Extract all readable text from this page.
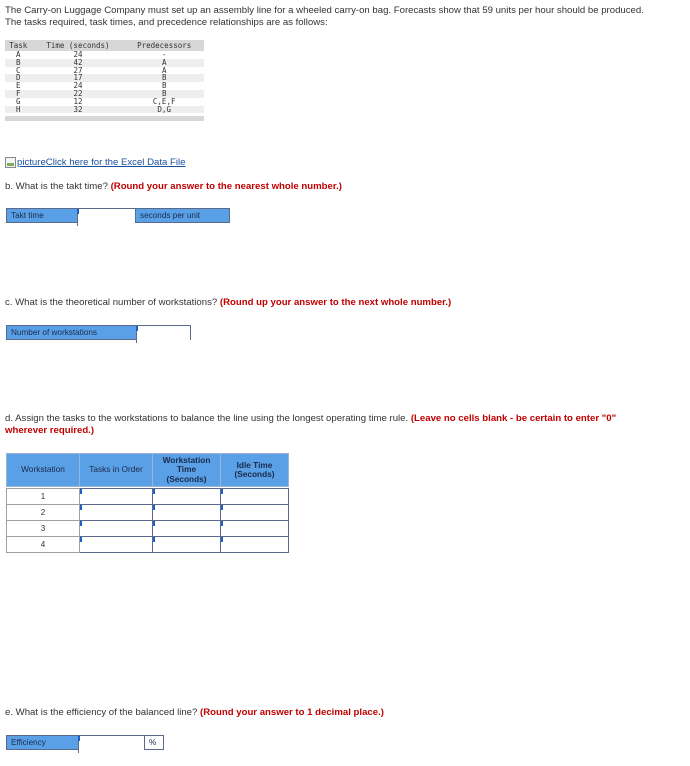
The Carry-on Luggage Company must set up an assembly line for a wheeled carry-on bag. Forecasts show that 59 units per hour should be produced. The tasks required, task times, and precedence relationships are as follows:
Task	Time (seconds)	Predecessors
A	24	-
B	42	A
C	27	A
D	17	B
E	24	B
F	22	B
G	12	C,E,F
H	32	D,G

picture Click here for the Excel Data File
b. What is the takt time? (Round your answer to the nearest whole number.)
Takt time	seconds per unit
c. What is the theoretical number of workstations? (Round up your answer to the next whole number.)
Number of workstations
d. Assign the tasks to the workstations to balance the line using the longest operating time rule. (Leave no cells blank - be certain to enter "0" wherever required.)
Workstation	Tasks in Order	Workstation Time (Seconds)	Idle Time (Seconds)

1			
2			
3			
4			
e. What is the efficiency of the balanced line? (Round your answer to 1 decimal place.)
Efficiency	%
